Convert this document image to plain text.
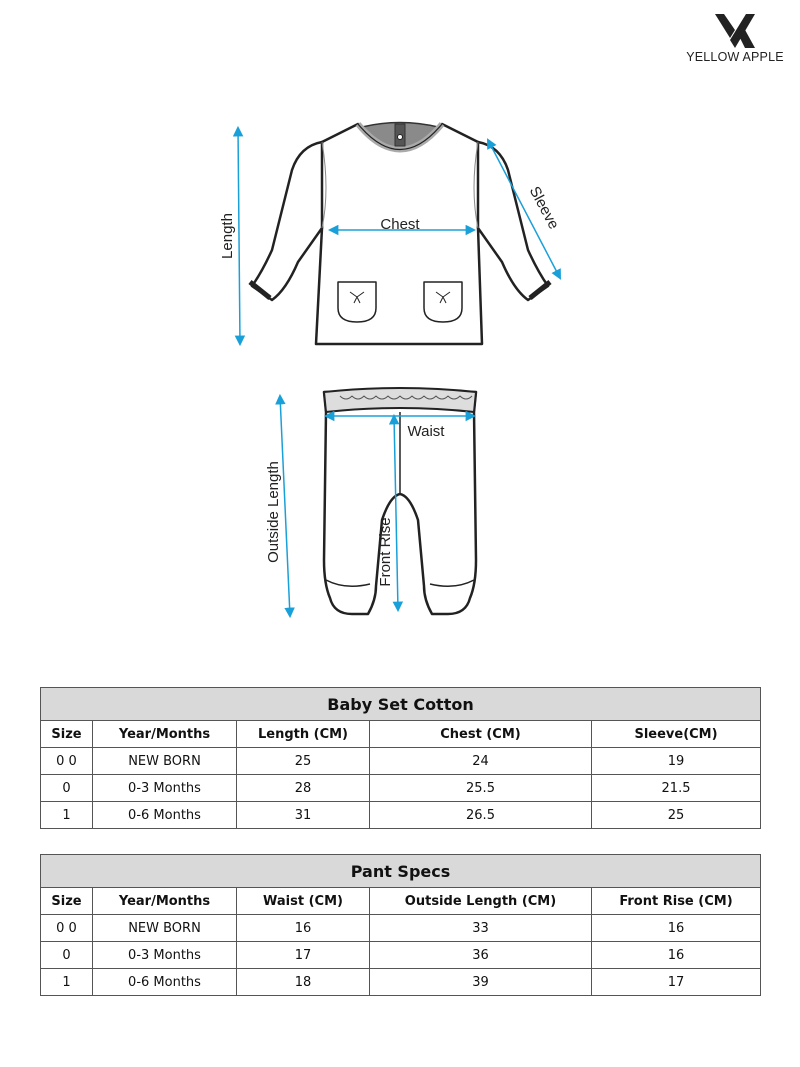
YELLOW APPLE
Length	Chest	Sleeve
Waist
Outside Length	Front Rise
Baby Set Cotton				
Size	Year/Months	Length (CM)	Chest (CM)	Sleeve(CM)
0 0	NEW BORN	25	24	19
0	0-3 Months	28	25.5	21.5
1	0-6 Months	31	26.5	25
Pant Specs				
Size	Year/Months	Waist (CM)	Outside Length (CM)	Front Rise (CM)
0 0	NEW BORN	16	33	16
0	0-3 Months	17	36	16
1	0-6 Months	18	39	17
